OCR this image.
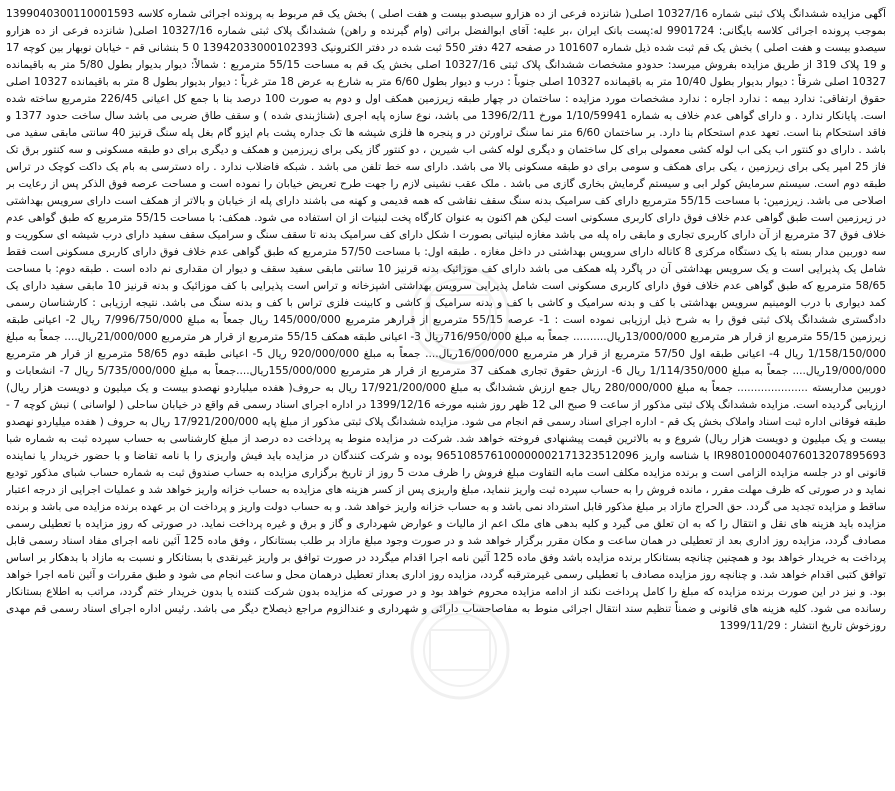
آگهی مزایده ششدانگ پلاک ثبتی شماره 10327/16 اصلی( شانزده فرعی از ده هزارو سیصدو بیست و هفت اصلی ) بخش یک قم مربوط به پرونده اجرائی شماره کلاسه 1399040300110001593 بموجب پرونده اجرائی کلاسه بایگانی: 9901724 له:پست بانک ایران ،بر علیه: آقای ابوالفضل براتی (وام گیرنده و راهن) ششدانگ پلاک ثبتی شماره 10327/16 اصلی( شانزده فرعی از ده هزارو سیصدو بیست و هفت اصلی ) بخش یک قم ثبت شده ذیل شماره 101607 در صفحه 427 دفتر 550 ثبت شده در دفتر الکترونیک 13942033000102393 0 5 بنشانی قم - خیابان نوبهار بین کوچه 17 و 19 پلاک 319 از طریق مزایده بفروش میرسد: حدودو مشخصات ششدانگ پلاک ثبتی 10327/16 اصلی بخش یک قم به مساحت 55/15 مترمربع : شمالاً: دیوار بدیوار بطول 5/80 متر به باقیمانده 10327 اصلی شرقاً : دیوار بدیوار بطول 10/40 متر به باقیمانده 10327 اصلی جنوباً : درب و دیوار بطول 6/60 متر به شارع به عرض 18 متر غرباً : دیوار بدیوار بطول 8 متر به باقیمانده 10327 اصلی حقوق ارتفاقی: ندارد بیمه : ندارد اجاره : ندارد مشخصات مورد مزایده : ساختمان در چهار طبقه زیرزمین همکف اول و دوم به صورت 100 درصد بنا با جمع کل اعیانی 226/45 مترمربع ساخته شده است. پایانکار ندارد . و دارای گواهی عدم خلاف به شماره 1/10/59941 مورخ 1396/2/11 می باشد، نوع سازه پایه اجری (شناژبندی شده ) و سقف طاق ضربی می باشد سال ساخت حدود 1377 و فاقد استحکام بنا است. تعهد عدم استحکام بنا دارد. بر ساختمان 6/60 متر نما سنگ تراورتن در و پنجره ها فلزی شیشه ها تک جداره پشت بام ایزو گام بغل پله سنگ قرنیز 40 سانتی مابقی سفید می باشد . دارای دو کنتور اب یکی اب لوله کشی معمولی برای کل ساختمان و دیگری لوله کشی اب شیرین ، دو کنتور گاز یکی برای زیرزمین و همکف و دیگری برای دو طبقه مسکونی و سه کنتور برق تک فاز 25 امپر یکی برای زیرزمین ، یکی برای همکف و سومی برای دو طبقه مسکونی بالا می باشد. دارای سه خط تلفن می باشد . شبکه فاضلاب ندارد . راه دسترسی به بام یک داکت کوچک در تراس طبقه دوم است. سیستم سرمایش کولر ابی و سیستم گرمایش بخاری گازی می باشد . ملک عقب نشینی لازم را جهت طرح تعریض خیابان را نموده است و مساحت عرصه فوق الذکر پس از رعایت بر اصلاحی می باشد. زیرزمین: با مساحت 55/15 مترمربع دارای کف سرامیک بدنه سنگ سقف نقاشی که همه قدیمی و کهنه می باشند دارای پله از خیابان و بالاتر از همکف است دارای سرویس بهداشتی در زیرزمین است طبق گواهی عدم خلاف فوق دارای کاربری مسکونی است لیکن هم اکنون به عنوان کارگاه پخت لبنیات از ان استفاده می شود. همکف: با مساحت 55/15 مترمربع که طبق گواهی عدم خلاف فوق 37 مترمربع از آن دارای کاربری تجاری و مابقی راه پله می باشد مغازه لبنیاتی بصورت ا شکل دارای کف سرامیک بدنه تا سقف سنگ و سرامیک سقف سفید دارای درب شیشه ای سکوریت و سه دوربین مدار بسته با یک دستگاه مرکزی 8 کاناله دارای سرویس بهداشتی در داخل مغازه . طبقه اول: با مساحت 57/50 مترمربع که طبق گواهی عدم خلاف فوق دارای کاربری مسکونی است فقط شامل یک پذیرایی است و یک سرویس بهداشتی آن در پاگرد پله همکف می باشد دارای کف موزائیک بدنه قرنیز 10 سانتی مابقی سفید سقف و دیوار ان مقداری نم داده است . طبقه دوم: با مساحت 58/65 مترمربع که طبق گواهی عدم خلاف فوق دارای کاربری مسکونی است شامل پذیرایی سرویس بهداشتی اشپزخانه و تراس است پذیرایی با کف موزائیک و بدنه قرنیز 10 مابقی سفید دارای یک کمد دیواری با درب الومینیم سرویس بهداشتی با کف و بدنه سرامیک و کاشی با کف و بدنه سرامیک و کاشی و کابینت فلزی تراس با کف و بدنه سنگ می باشد. نتیجه ارزیابی : کارشناسان رسمی دادگستری ششدانگ پلاک ثبتی فوق را به شرح ذیل ارزیابی نموده است : 1- عرصه 55/15 مترمربع از قرارهر مترمربع 145/000/000 ریال جمعاً به مبلغ 7/996/750/000 ریال 2- اعیانی طبقه زیرزمین 55/15 مترمربع از قرار هر مترمربع 13/000/000ریال.......... جمعاً به مبلغ 716/950/000ریال 3- اعیانی طبقه همکف 55/15 مترمربع از قرار هر مترمربع 21/000/000ریال.... جمعاً به مبلغ 1/158/150/000 ریال 4- اعیانی طبقه اول 57/50 مترمربع از قرار هر مترمربع 16/000/000ریال.... جمعاً به مبلغ 920/000/000 ریال 5- اعیانی طبقه دوم 58/65 مترمربع از قرار هر مترمربع 19/000/000ریال.... جمعاً به مبلغ 1/114/350/000 ریال 6- ارزش حقوق تجاری همکف 37 مترمربع از قرار هر مترمربع 155/000/000ریال....جمعاً به مبلغ 5/735/000/000 ریال 7- انشعابات و دوربین مداربسته ..................... جمعاً به مبلغ 280/000/000 ریال جمع ارزش ششدانگ به مبلغ 17/921/200/000 ریال به حروف( هفده میلیاردو نهصدو بیست و یک میلیون و دویست هزار ریال) ارزیابی گردیده است. مزایده ششدانگ پلاک ثبتی مذکور از ساعت 9 صبح الی 12 ظهر روز شنبه مورخه 1399/12/16 در اداره اجرای اسناد رسمی قم واقع در خیابان ساحلی ( لواسانی ) نبش کوچه 7 - طبقه فوقانی اداره ثبت اسناد واملاک بخش یک قم - اداره اجرای اسناد رسمی قم انجام می شود. مزایده ششدانگ پلاک ثبتی مذکور از مبلغ پایه 17/921/200/000 ریال به حروف ( هفده میلیاردو نهصدو بیست و یک میلیون و دویست هزار ریال) شروع و به بالاترین قیمت پیشنهادی فروخته خواهد شد. شرکت در مزایده منوط به پرداخت ده درصد از مبلغ کارشناسی به حساب سپرده ثبت به شماره شبا IR980100004076013207895693 با شناسه واریز 965108576100000002171323512096 بوده و شرکت کنندگان در مزایده باید فیش واریزی را با نامه تقاضا و با حضور خریدار یا نماینده قانونی او در جلسه مزایده الزامی است و برنده مزایده مکلف است مابه التفاوت مبلغ فروش را ظرف مدت 5 روز از تاریخ برگزاری مزایده به حساب صندوق ثبت به شماره حساب شبای مذکور تودیع نماید و در صورتی که ظرف مهلت مقرر ، مانده فروش را به حساب سپرده ثبت واریز ننماید، مبلغ واریزی پس از کسر هزینه های مزایده به حساب خزانه واریز خواهد شد و عملیات اجرایی از درجه اعتبار ساقط و مزایده تجدید می گردد. حق الحراج مازاد بر مبلغ مذکور قابل استرداد نمی باشد و به حساب خزانه واریز خواهد شد. و به حساب دولت واریز و پرداخت ان بر عهده برنده مزایده می باشد و برنده مزایده باید هزینه های نقل و انتقال را که به ان تعلق می گیرد و کلیه بدهی های ملک اعم از مالیات و عوارض شهرداری و گاز و برق و غیره پرداخت نماید. در صورتی که روز مزایده با تعطیلی رسمی مصادف گردد، مزایده روز اداری بعد از تعطیلی در همان ساعت و مکان مقرر برگزار خواهد شد و در صورت وجود مبلغ مازاد بر طلب بستانکار ، وفق ماده 125 آئین نامه اجرای مفاد اسناد رسمی قابل پرداخت به خریدار خواهد بود و همچنین چنانچه بستانکار برنده مزایده باشد وفق ماده 125 آئین نامه اجرا اقدام میگردد در صورت توافق بر واریز غیرنقدی با بستانکار و نسبت به مازاد با بدهکار بر اساس توافق کتبی اقدام خواهد شد. و چنانچه روز مزایده مصادف با تعطیلی رسمی غیرمترقبه گردد، مزایده روز اداری بعداز تعطیل درهمان محل و ساعت انجام می شود و طبق مقررات و آئین نامه اجرا خواهد بود. و نیز در این صورت برنده مزایده که مبلغ را کامل پرداخت نکند از ادامه مزایده محروم خواهد بود و در صورتی که مزایده بدون شرکت کننده یا بدون خریدار ختم گردد، مراتب به اطلاع بستانکار رسانده می شود. کلیه هزینه های قانونی و ضمناً تنظیم سند انتقال اجرائی منوط به مفاصاحساب دارائی و شهرداری و عندالزوم مراجع ذیصلاح دیگر می باشد. رئیس اداره اجرای اسناد رسمی قم مهدی روزخوش تاریخ انتشار : 1399/11/29
